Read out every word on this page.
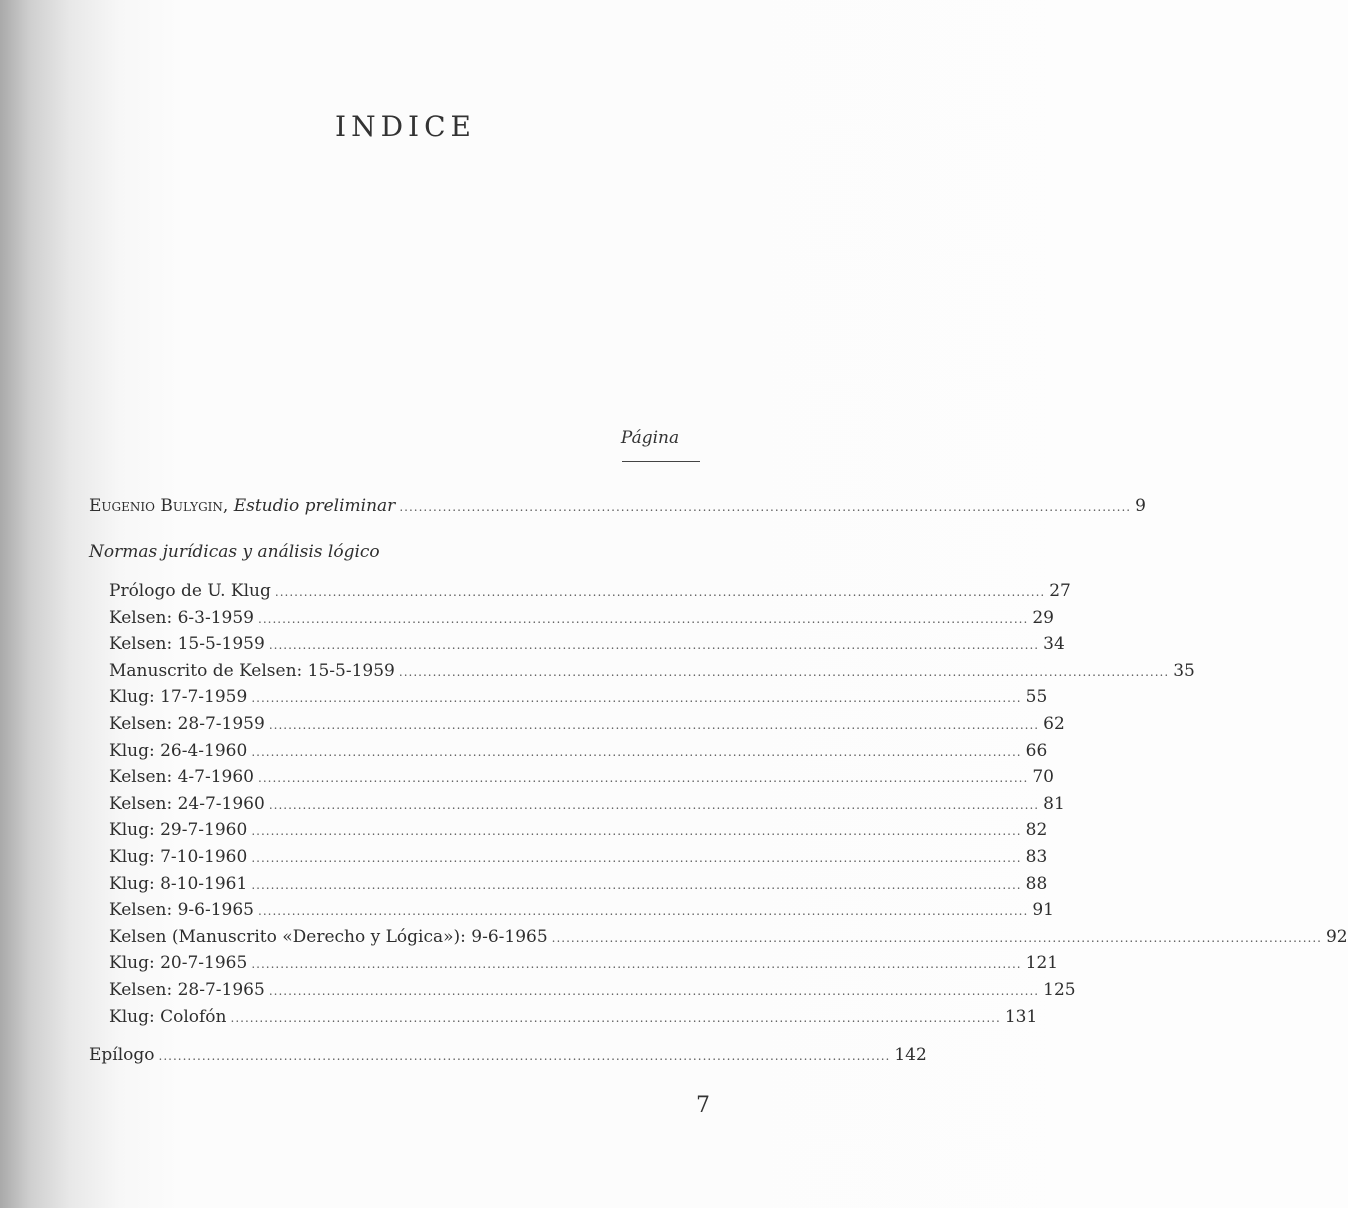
INDICE
Página
Eugenio Bulygin, Estudio preliminar ........................................................................................................................................................ 9
Normas jurídicas y análisis lógico
Prólogo de U. Klug ................................................................................................................................................................ 27
Kelsen: 6-3-1959 ................................................................................................................................................................ 29
Kelsen: 15-5-1959 ................................................................................................................................................................ 34
Manuscrito de Kelsen: 15-5-1959 ................................................................................................................................................................ 35
Klug: 17-7-1959 ................................................................................................................................................................ 55
Kelsen: 28-7-1959 ................................................................................................................................................................ 62
Klug: 26-4-1960 ................................................................................................................................................................ 66
Kelsen: 4-7-1960 ................................................................................................................................................................ 70
Kelsen: 24-7-1960 ................................................................................................................................................................ 81
Klug: 29-7-1960 ................................................................................................................................................................ 82
Klug: 7-10-1960 ................................................................................................................................................................ 83
Klug: 8-10-1961 ................................................................................................................................................................ 88
Kelsen: 9-6-1965 ................................................................................................................................................................ 91
Kelsen (Manuscrito «Derecho y Lógica»): 9-6-1965 ................................................................................................................................................................ 92
Klug: 20-7-1965 ................................................................................................................................................................ 121
Kelsen: 28-7-1965 ................................................................................................................................................................ 125
Klug: Colofón ................................................................................................................................................................ 131
Epílogo ........................................................................................................................................................ 142
7
